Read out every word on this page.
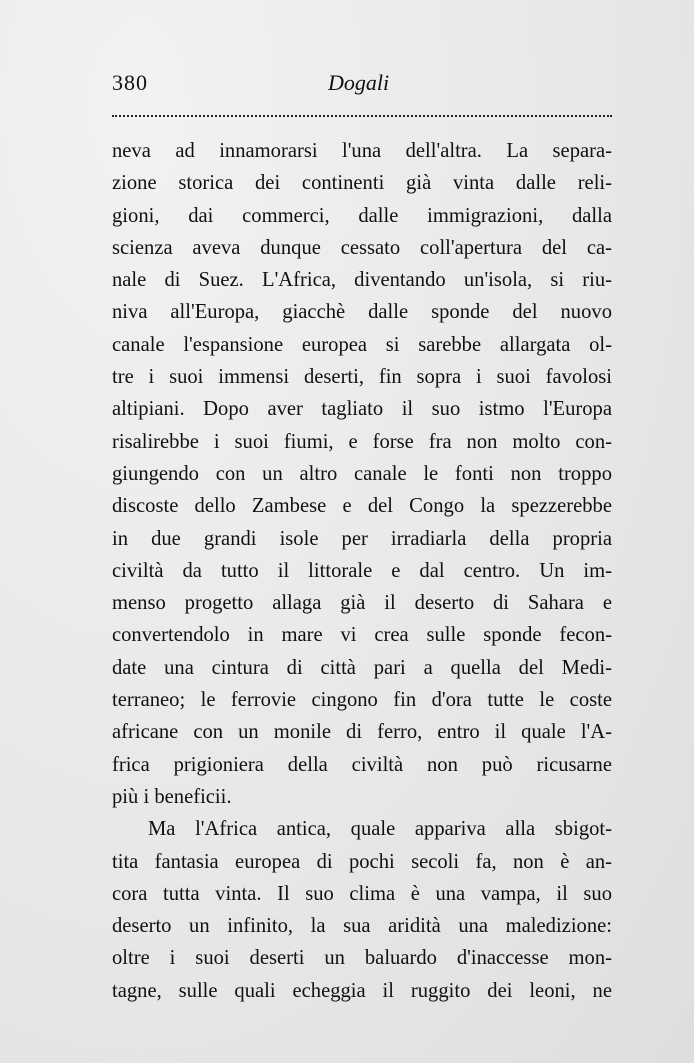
380	Dogali
neva ad innamorarsi l'una dell'altra. La separa-
zione storica dei continenti già vinta dalle reli-
gioni, dai commerci, dalle immigrazioni, dalla
scienza aveva dunque cessato coll'apertura del ca-
nale di Suez. L'Africa, diventando un'isola, si riu-
niva all'Europa, giacchè dalle sponde del nuovo
canale l'espansione europea si sarebbe allargata ol-
tre i suoi immensi deserti, fin sopra i suoi favolosi
altipiani. Dopo aver tagliato il suo istmo l'Europa
risalirebbe i suoi fiumi, e forse fra non molto con-
giungendo con un altro canale le fonti non troppo
discoste dello Zambese e del Congo la spezzerebbe
in due grandi isole per irradiarla della propria
civiltà da tutto il littorale e dal centro. Un im-
menso progetto allaga già il deserto di Sahara e
convertendolo in mare vi crea sulle sponde fecon-
date una cintura di città pari a quella del Medi-
terraneo; le ferrovie cingono fin d'ora tutte le coste
africane con un monile di ferro, entro il quale l'A-
frica prigioniera della civiltà non può ricusarne
più i beneficii.
Ma l'Africa antica, quale appariva alla sbigot-
tita fantasia europea di pochi secoli fa, non è an-
cora tutta vinta. Il suo clima è una vampa, il suo
deserto un infinito, la sua aridità una maledizione:
oltre i suoi deserti un baluardo d'inaccesse mon-
tagne, sulle quali echeggia il ruggito dei leoni, ne
